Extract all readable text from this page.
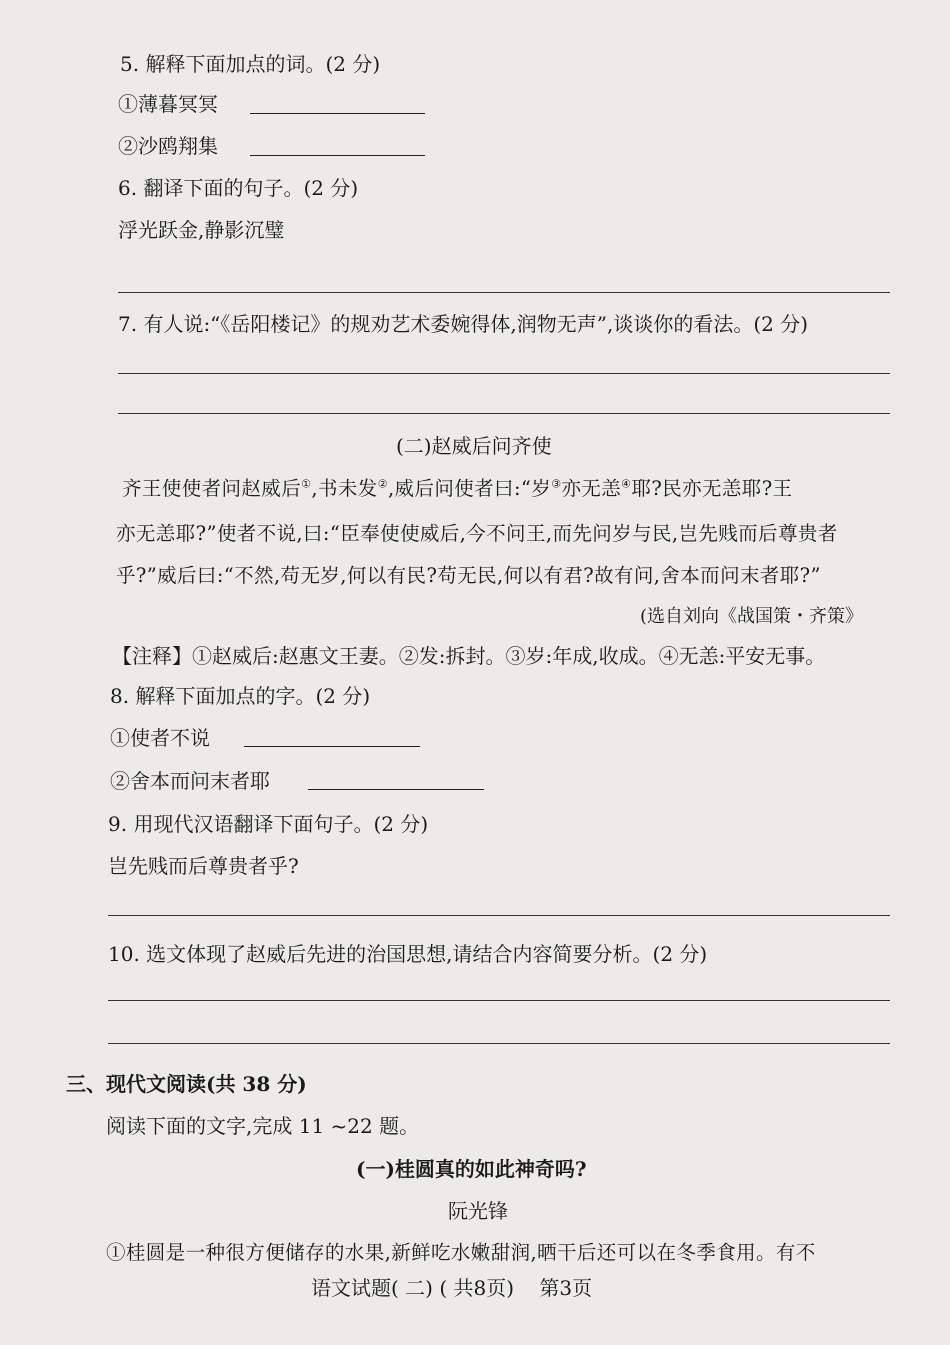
5. 解释下面加点的词。(2 分)
①薄暮冥冥
②沙鸥翔集
6. 翻译下面的句子。(2 分)
浮光跃金,静影沉璧
7. 有人说:“《岳阳楼记》的规劝艺术委婉得体,润物无声”,谈谈你的看法。(2 分)
(二)赵威后问齐使
齐王使使者问赵威后①,书未发②,威后问使者曰:“岁③亦无恙④耶?民亦无恙耶?王
亦无恙耶?”使者不说,曰:“臣奉使使威后,今不问王,而先问岁与民,岂先贱而后尊贵者
乎?”威后曰:“不然,苟无岁,何以有民?苟无民,何以有君?故有问,舍本而问末者耶?”
(选自刘向《战国策・齐策》
【注释】①赵威后:赵惠文王妻。②发:拆封。③岁:年成,收成。④无恙:平安无事。
8. 解释下面加点的字。(2 分)
①使者不说
②舍本而问末者耶
9. 用现代汉语翻译下面句子。(2 分)
岂先贱而后尊贵者乎?
10. 选文体现了赵威后先进的治国思想,请结合内容简要分析。(2 分)
三、现代文阅读(共 38 分)
阅读下面的文字,完成 11 ~22 题。
(一)桂圆真的如此神奇吗?
阮光锋
①桂圆是一种很方便储存的水果,新鲜吃水嫩甜润,晒干后还可以在冬季食用。有不
语文试题( 二) ( 共8页)    第3页
